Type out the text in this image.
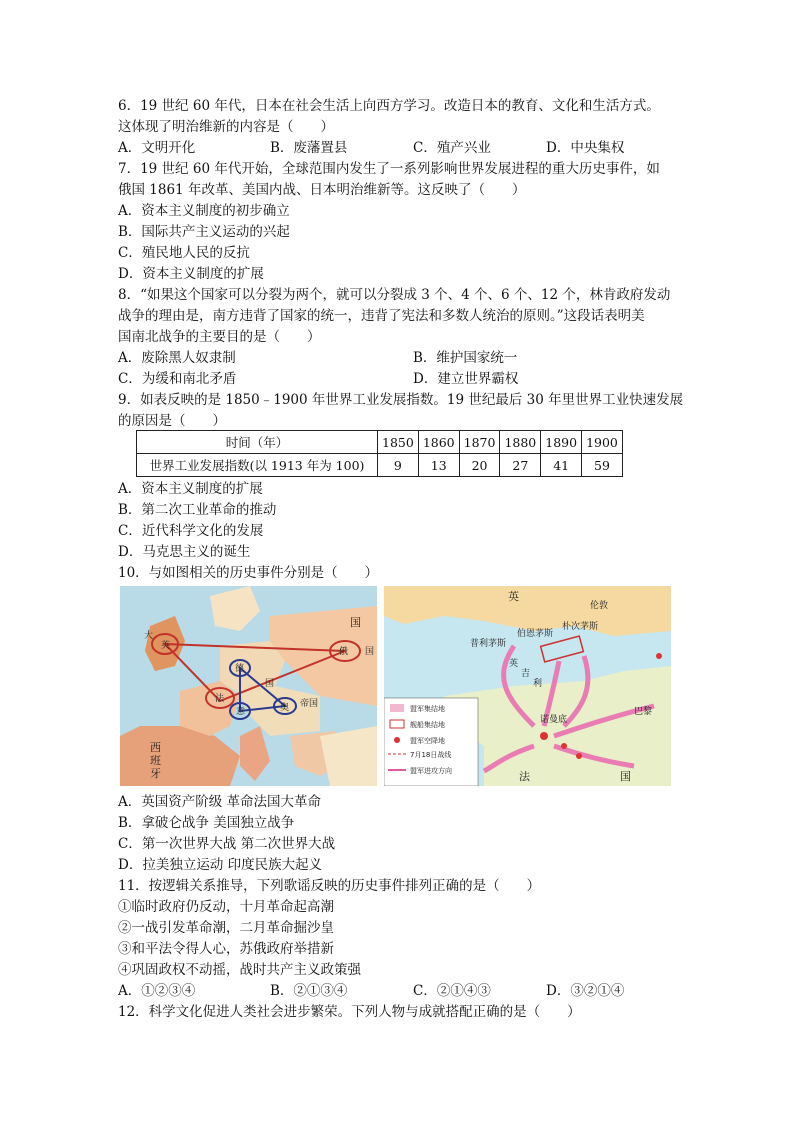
6．19 世纪 60 年代，日本在社会生活上向西方学习。改造日本的教育、文化和生活方式。
这体现了明治维新的内容是（　　）
A．文明开化	B．废藩置县	C．殖产兴业	D．中央集权
7．19 世纪 60 年代开始，全球范围内发生了一系列影响世界发展进程的重大历史事件，如
俄国 1861 年改革、美国内战、日本明治维新等。这反映了（　　）
A．资本主义制度的初步确立
B．国际共产主义运动的兴起
C．殖民地人民的反抗
D．资本主义制度的扩展
8．“如果这个国家可以分裂为两个，就可以分裂成 3 个、4 个、6 个、12 个，林肯政府发动
战争的理由是，南方违背了国家的统一，违背了宪法和多数人统治的原则。”这段话表明美
国南北战争的主要目的是（　　）
A．废除黑人奴隶制	B．维护国家统一
C．为缓和南北矛盾	D．建立世界霸权
9．如表反映的是 1850﹣1900 年世界工业发展指数。19 世纪最后 30 年里世界工业快速发展
的原因是（　　）
时间（年）	1850	1860	1870	1880	1890	1900
世界工业发展指数(以 1913 年为 100)	9	13	20	27	41	59
A．资本主义制度的扩展
B．第二次工业革命的推动
C．近代科学文化的发展
D．马克思主义的诞生
10．与如图相关的历史事件分别是（　　）
大
英
俄 国
德
法
国
帝国
奥
意
西
班
牙
国
盟军集结地
舰船集结地
盟军空降地
7月18日战线
盟军进攻方向
英
伦敦
朴次茅斯
伯恩茅斯
普利茅斯
诺曼底
巴黎
法	国
英
吉
利
A．英国资产阶级 革命法国大革命
B．拿破仑战争 美国独立战争
C．第一次世界大战 第二次世界大战
D．拉美独立运动 印度民族大起义
11．按逻辑关系推导，下列歌谣反映的历史事件排列正确的是（　　）
①临时政府仍反动，十月革命起高潮
②一战引发革命潮，二月革命掘沙皇
③和平法令得人心，苏俄政府举措新
④巩固政权不动摇，战时共产主义政策强
A．①②③④	B．②①③④	C．②①④③	D．③②①④
12．科学文化促进人类社会进步繁荣。下列人物与成就搭配正确的是（　　）
